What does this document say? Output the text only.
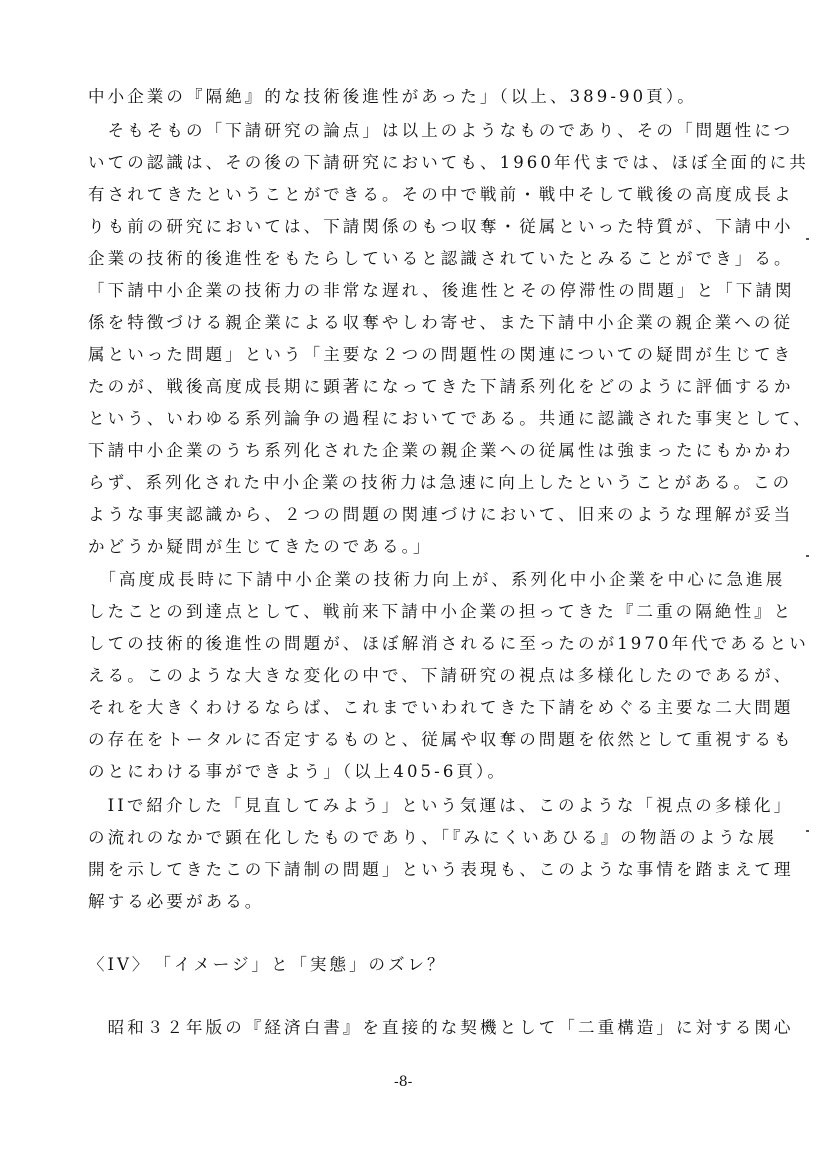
中小企業の『隔絶』的な技術後進性があった」（以上、389-90頁）。
　そもそもの「下請研究の論点」は以上のようなものであり、その「問題性につ
いての認識は、その後の下請研究においても、1960年代までは、ほぼ全面的に共
有されてきたということができる。その中で戦前・戦中そして戦後の高度成長よ
りも前の研究においては、下請関係のもつ収奪・従属といった特質が、下請中小
企業の技術的後進性をもたらしていると認識されていたとみることができ」る。
「下請中小企業の技術力の非常な遅れ、後進性とその停滞性の問題」と「下請関
係を特徴づける親企業による収奪やしわ寄せ、また下請中小企業の親企業への従
属といった問題」という「主要な２つの問題性の関連についての疑問が生じてき
たのが、戦後高度成長期に顕著になってきた下請系列化をどのように評価するか
という、いわゆる系列論争の過程においてである。共通に認識された事実として、
下請中小企業のうち系列化された企業の親企業への従属性は強まったにもかかわ
らず、系列化された中小企業の技術力は急速に向上したということがある。この
ような事実認識から、２つの問題の関連づけにおいて、旧来のような理解が妥当
かどうか疑問が生じてきたのである。」
　「高度成長時に下請中小企業の技術力向上が、系列化中小企業を中心に急進展
したことの到達点として、戦前来下請中小企業の担ってきた『二重の隔絶性』と
しての技術的後進性の問題が、ほぼ解消されるに至ったのが1970年代であるとい
える。このような大きな変化の中で、下請研究の視点は多様化したのであるが、
それを大きくわけるならば、これまでいわれてきた下請をめぐる主要な二大問題
の存在をトータルに否定するものと、従属や収奪の問題を依然として重視するも
のとにわける事ができよう」（以上405-6頁）。
　IIで紹介した「見直してみよう」という気運は、このような「視点の多様化」
の流れのなかで顕在化したものであり、「『みにくいあひる』の物語のような展
開を示してきたこの下請制の問題」という表現も、このような事情を踏まえて理
解する必要がある。
〈IV〉　「イメージ」と「実態」のズレ？
　昭和３２年版の『経済白書』を直接的な契機として「二重構造」に対する関心
-8-
